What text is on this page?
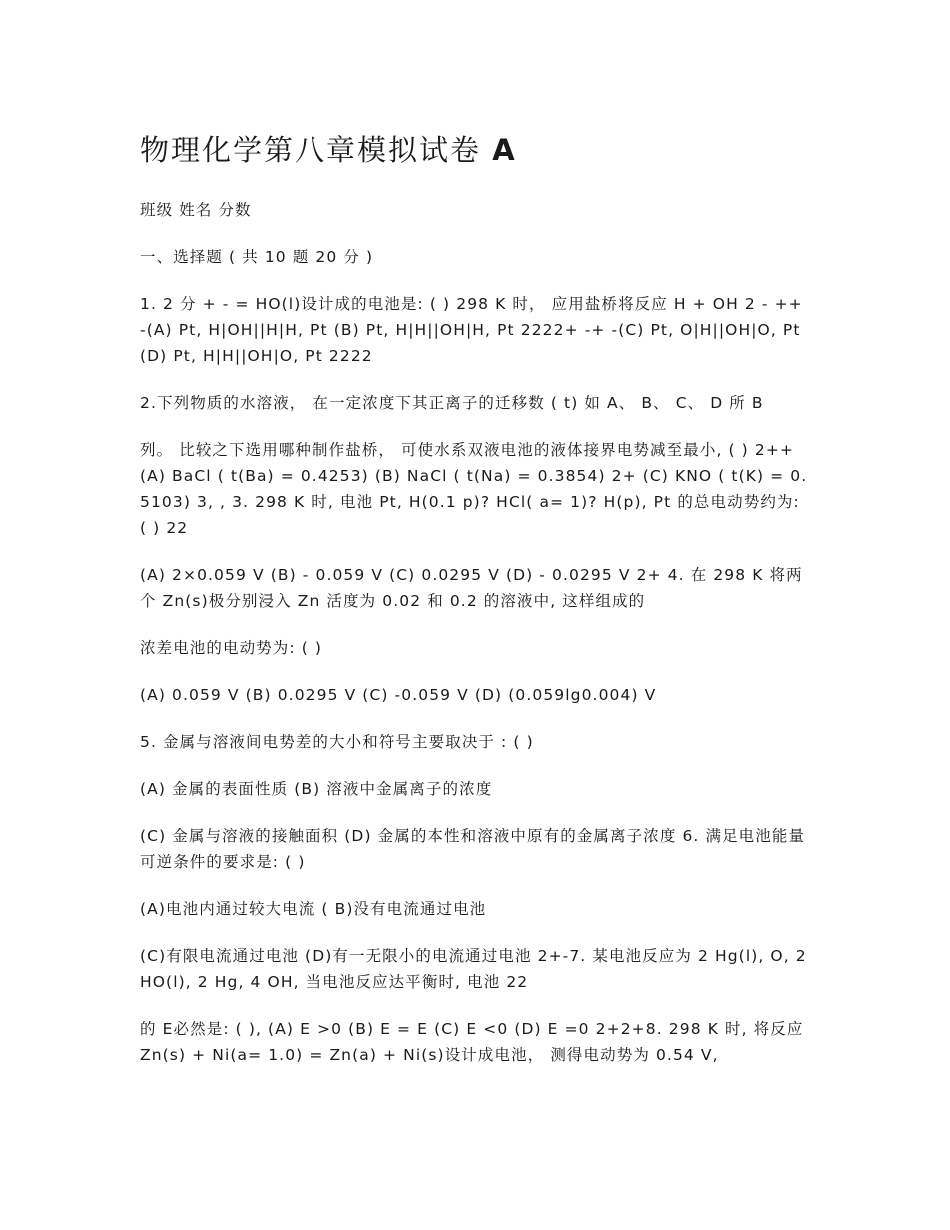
物理化学第八章模拟试卷 A

班级 姓名 分数

一、选择题 ( 共 10 题 20 分 )

1. 2 分 + - = HO(l)设计成的电池是: ( ) 298 K 时， 应用盐桥将反应 H + OH 2 - ++ -(A) Pt, H|OH||H|H, Pt (B) Pt, H|H||OH|H, Pt 2222+ -+ -(C) Pt, O|H||OH|O, Pt (D) Pt, H|H||OH|O, Pt 2222

2.下列物质的水溶液， 在一定浓度下其正离子的迁移数 ( t) 如 A、 B、 C、 D 所 B

列。 比较之下选用哪种制作盐桥， 可使水系双液电池的液体接界电势减至最小, ( ) 2++ (A) BaCl ( t(Ba) = 0.4253) (B) NaCl ( t(Na) = 0.3854) 2+ (C) KNO ( t(K) = 0.5103) 3, , 3. 298 K 时, 电池 Pt, H(0.1 p)? HCl( a= 1)? H(p), Pt 的总电动势约为: ( ) 22

(A) 2×0.059 V (B) - 0.059 V (C) 0.0295 V (D) - 0.0295 V 2+ 4. 在 298 K 将两个 Zn(s)极分别浸入 Zn 活度为 0.02 和 0.2 的溶液中, 这样组成的

浓差电池的电动势为: ( )

(A) 0.059 V (B) 0.0295 V (C) -0.059 V (D) (0.059lg0.004) V

5. 金属与溶液间电势差的大小和符号主要取决于 : ( )

(A) 金属的表面性质 (B) 溶液中金属离子的浓度

(C) 金属与溶液的接触面积 (D) 金属的本性和溶液中原有的金属离子浓度 6. 满足电池能量可逆条件的要求是: ( )

(A)电池内通过较大电流 ( B)没有电流通过电池

(C)有限电流通过电池 (D)有一无限小的电流通过电池 2+-7. 某电池反应为 2 Hg(l), O, 2 HO(l), 2 Hg, 4 OH, 当电池反应达平衡时, 电池 22

的 E必然是: ( ), (A) E >0 (B) E = E (C) E <0 (D) E =0 2+2+8. 298 K 时, 将反应 Zn(s) + Ni(a= 1.0) = Zn(a) + Ni(s)设计成电池， 测得电动势为 0.54 V,
